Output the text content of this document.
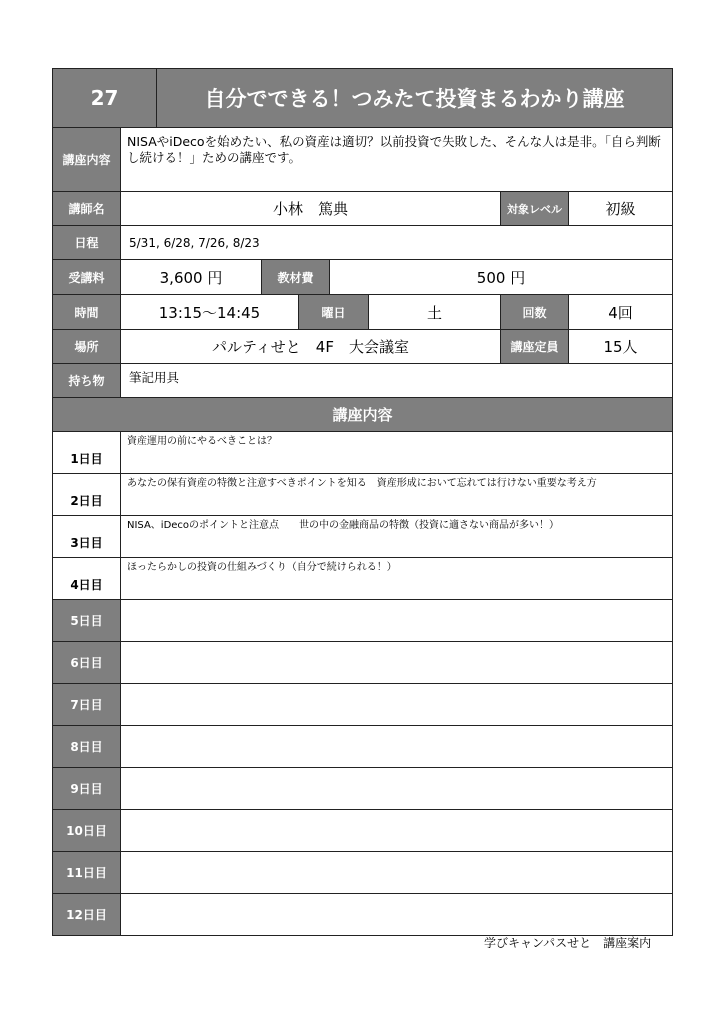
27	自分でできる！つみたて投資まるわかり講座
講座内容
NISAやiDecoを始めたい、私の資産は適切？以前投資で失敗した、そんな人は是非。「自ら判断し続ける！」ための講座です。
講師名	小林　篤典	対象レベル	初級
日程	5/31, 6/28, 7/26, 8/23
受講料	3,600 円	教材費	500 円
時間	13:15〜14:45	曜日	土	回数	4回
場所	パルティせと　4F　大会議室	講座定員	15人
持ち物	筆記用具
講座内容
1日目
資産運用の前にやるべきことは？
2日目
あなたの保有資産の特徴と注意すべきポイントを知る　資産形成において忘れては行けない重要な考え方
3日目
NISA、iDecoのポイントと注意点　　世の中の金融商品の特徴（投資に適さない商品が多い！）
4日目
ほったらかしの投資の仕組みづくり（自分で続けられる！）
5日目
6日目
7日目
8日目
9日目
10日目
11日目
12日目
学びキャンパスせと　講座案内
